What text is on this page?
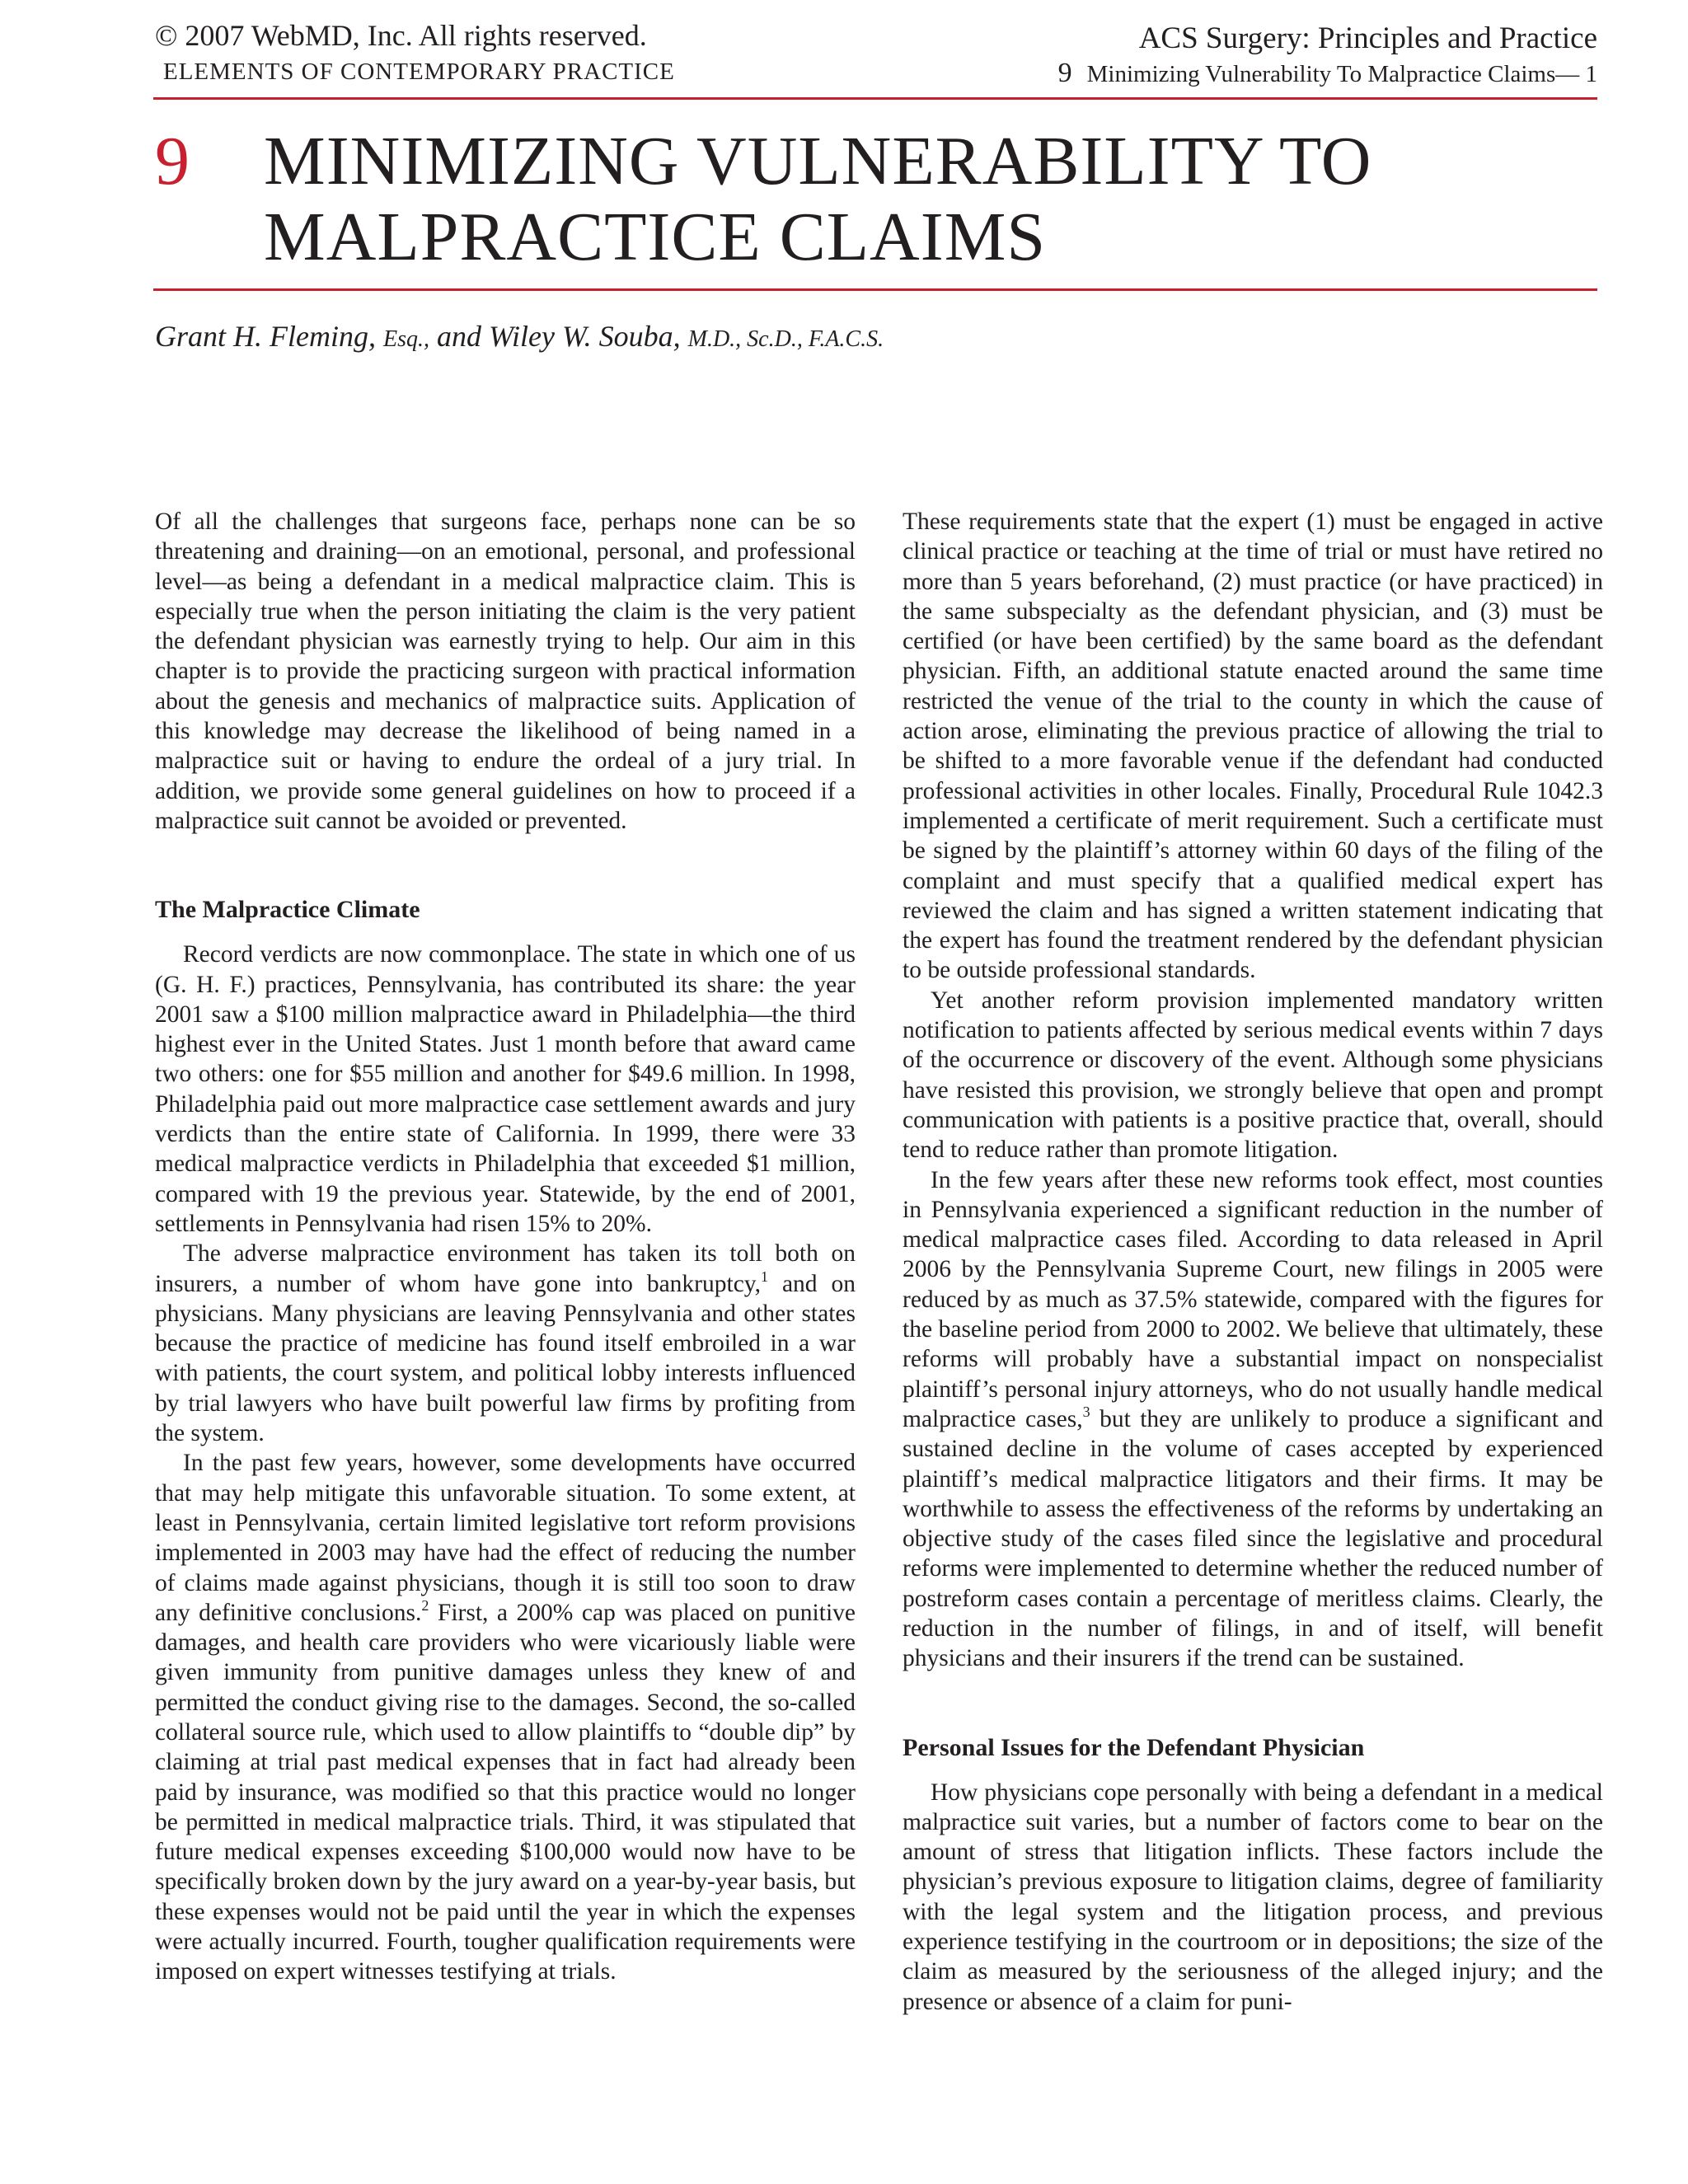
© 2007 WebMD, Inc. All rights reserved.
ELEMENTS OF CONTEMPORARY PRACTICE
ACS Surgery: Principles and Practice
9 Minimizing Vulnerability To Malpractice Claims— 1
9 MINIMIZING VULNERABILITY TO
MALPRACTICE CLAIMS
Grant H. Fleming, Esq., and Wiley W. Souba, M.D., Sc.D., F.A.C.S.

Of all the challenges that surgeons face, perhaps none can be so threatening and draining—on an emotional, personal, and professional level—as being a defendant in a medical malpractice claim. This is especially true when the person initiating the claim is the very patient the defendant physician was earnestly trying to help. Our aim in this chapter is to provide the practicing surgeon with practical information about the genesis and mechanics of malpractice suits. Application of this knowledge may decrease the likelihood of being named in a malpractice suit or having to endure the ordeal of a jury trial. In addition, we provide some general guidelines on how to proceed if a malpractice suit cannot be avoided or prevented.

The Malpractice Climate

Record verdicts are now commonplace. The state in which one of us (G. H. F.) practices, Pennsylvania, has contributed its share: the year 2001 saw a $100 million malpractice award in Philadelphia—the third highest ever in the United States. Just 1 month before that award came two others: one for $55 million and another for $49.6 million. In 1998, Philadelphia paid out more malpractice case settlement awards and jury verdicts than the entire state of California. In 1999, there were 33 medical malpractice verdicts in Philadelphia that exceeded $1 million, compared with 19 the previous year. Statewide, by the end of 2001, settlements in Pennsylvania had risen 15% to 20%.

The adverse malpractice environment has taken its toll both on insurers, a number of whom have gone into bankruptcy,$^1$ and on physicians. Many physicians are leaving Pennsylvania and other states because the practice of medicine has found itself embroiled in a war with patients, the court system, and political lobby interests influenced by trial lawyers who have built powerful law firms by profiting from the system.

In the past few years, however, some developments have occurred that may help mitigate this unfavorable situation. To some extent, at least in Pennsylvania, certain limited legislative tort reform provisions implemented in 2003 may have had the effect of reducing the number of claims made against physicians, though it is still too soon to draw any definitive conclusions.$^2$ First, a 200% cap was placed on punitive damages, and health care providers who were vicariously liable were given immunity from punitive damages unless they knew of and permitted the conduct giving rise to the damages. Second, the so-called collateral source rule, which used to allow plaintiffs to “double dip” by claiming at trial past medical expenses that in fact had already been paid by insurance, was modified so that this practice would no longer be permitted in medical malpractice trials. Third, it was stipulated that future medical expenses exceeding $100,000 would now have to be specifically broken down by the jury award on a year-by-year basis, but these expenses would not be paid until the year in which the expenses were actually incurred. Fourth, tougher qualification requirements were imposed on expert witnesses testifying at trials.

These requirements state that the expert (1) must be engaged in active clinical practice or teaching at the time of trial or must have retired no more than 5 years beforehand, (2) must practice (or have practiced) in the same subspecialty as the defendant physician, and (3) must be certified (or have been certified) by the same board as the defendant physician. Fifth, an additional statute enacted around the same time restricted the venue of the trial to the county in which the cause of action arose, eliminating the previous practice of allowing the trial to be shifted to a more favorable venue if the defendant had conducted professional activities in other locales. Finally, Procedural Rule 1042.3 implemented a certificate of merit requirement. Such a certificate must be signed by the plaintiff’s attorney within 60 days of the filing of the complaint and must specify that a qualified medical expert has reviewed the claim and has signed a written statement indicating that the expert has found the treatment rendered by the defendant physician to be outside professional standards.

Yet another reform provision implemented mandatory written notification to patients affected by serious medical events within 7 days of the occurrence or discovery of the event. Although some physicians have resisted this provision, we strongly believe that open and prompt communication with patients is a positive practice that, overall, should tend to reduce rather than promote litigation.

In the few years after these new reforms took effect, most counties in Pennsylvania experienced a significant reduction in the number of medical malpractice cases filed. According to data released in April 2006 by the Pennsylvania Supreme Court, new filings in 2005 were reduced by as much as 37.5% statewide, compared with the figures for the baseline period from 2000 to 2002. We believe that ultimately, these reforms will probably have a substantial impact on nonspecialist plaintiff’s personal injury attorneys, who do not usually handle medical malpractice cases,$^3$ but they are unlikely to produce a significant and sustained decline in the volume of cases accepted by experienced plaintiff’s medical malpractice litigators and their firms. It may be worthwhile to assess the effectiveness of the reforms by undertaking an objective study of the cases filed since the legislative and procedural reforms were implemented to determine whether the reduced number of postreform cases contain a percentage of meritless claims. Clearly, the reduction in the number of filings, in and of itself, will benefit physicians and their insurers if the trend can be sustained.

Personal Issues for the Defendant Physician

How physicians cope personally with being a defendant in a medical malpractice suit varies, but a number of factors come to bear on the amount of stress that litigation inflicts. These factors include the physician’s previous exposure to litigation claims, degree of familiarity with the legal system and the litigation process, and previous experience testifying in the courtroom or in depositions; the size of the claim as measured by the seriousness of the alleged injury; and the presence or absence of a claim for puni-
